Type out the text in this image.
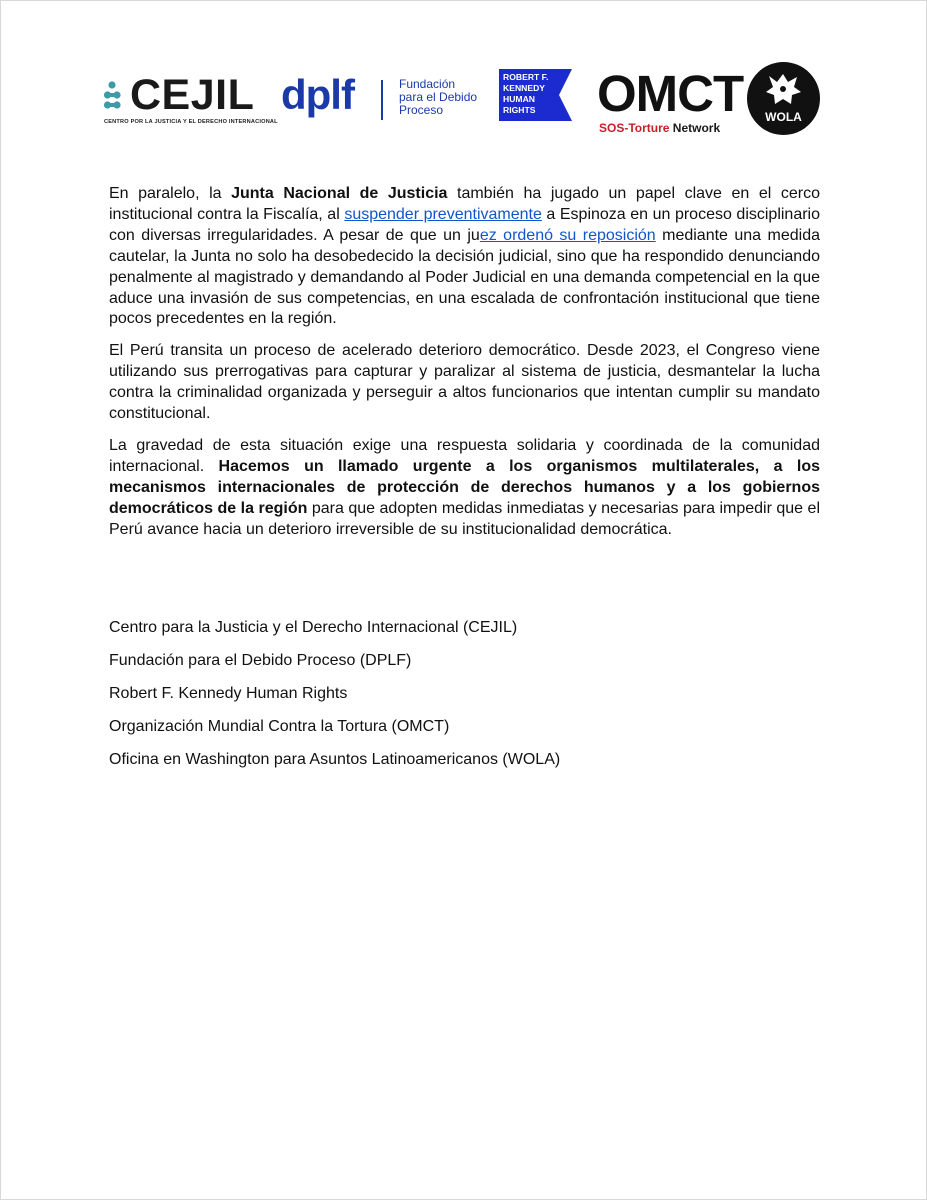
CEJIL
CENTRO POR LA JUSTICIA Y EL DERECHO INTERNACIONAL
dplf	Fundación
para el Debido
Proceso
ROBERT F.
KENNEDY
HUMAN
RIGHTS	OMCT
SOS-Torture Network
WOLA

En paralelo, la Junta Nacional de Justicia también ha jugado un papel clave en el cerco institucional contra la Fiscalía, al suspender preventivamente a Espinoza en un proceso disciplinario con diversas irregularidades. A pesar de que un juez ordenó su reposición mediante una medida cautelar, la Junta no solo ha desobedecido la decisión judicial, sino que ha respondido denunciando penalmente al magistrado y demandando al Poder Judicial en una demanda competencial en la que aduce una invasión de sus competencias, en una escalada de confrontación institucional que tiene pocos precedentes en la región.

El Perú transita un proceso de acelerado deterioro democrático. Desde 2023, el Congreso viene utilizando sus prerrogativas para capturar y paralizar al sistema de justicia, desmantelar la lucha contra la criminalidad organizada y perseguir a altos funcionarios que intentan cumplir su mandato constitucional.

La gravedad de esta situación exige una respuesta solidaria y coordinada de la comunidad internacional. Hacemos un llamado urgente a los organismos multilaterales, a los mecanismos internacionales de protección de derechos humanos y a los gobiernos democráticos de la región para que adopten medidas inmediatas y necesarias para impedir que el Perú avance hacia un deterioro irreversible de su institucionalidad democrática.

Centro para la Justicia y el Derecho Internacional (CEJIL)
Fundación para el Debido Proceso (DPLF)
Robert F. Kennedy Human Rights
Organización Mundial Contra la Tortura (OMCT)
Oficina en Washington para Asuntos Latinoamericanos (WOLA)
